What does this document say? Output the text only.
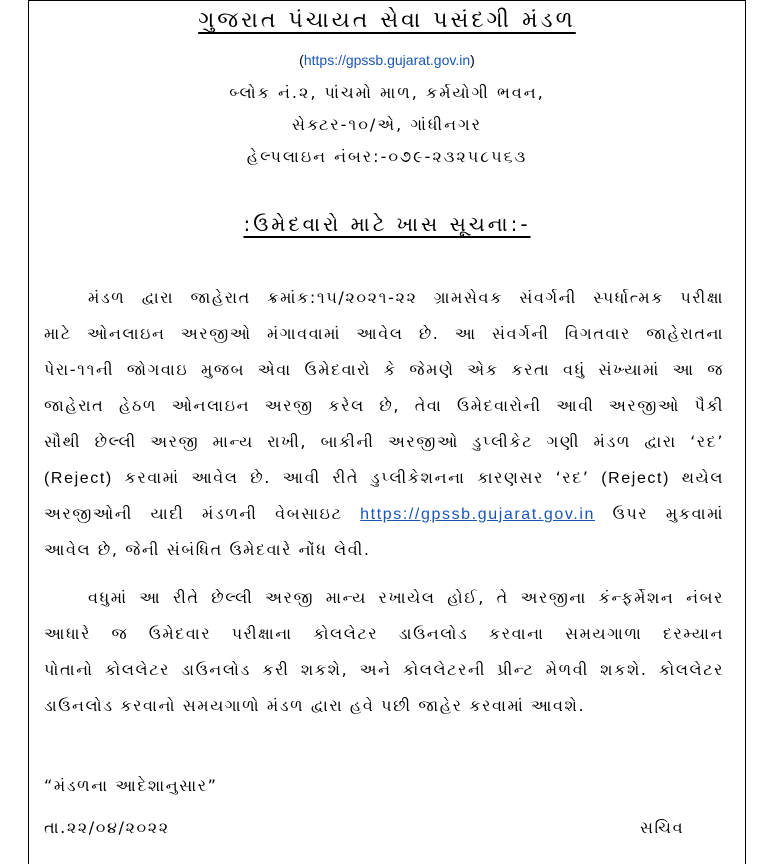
ગુજરાત પંચાયત સેવા પસંદગી મંડળ
(https://gpssb.gujarat.gov.in)
બ્લોક નં.૨, પાંચમો માળ, કર્મયોગી ભવન,
સેક્ટર-૧૦/એ, ગાંધીનગર
હેલ્પલાઇન નંબર:-૦૭૯-૨૩૨૫૮૫૬૩
:ઉમેદવારો માટે ખાસ સૂચના:-
મંડળ દ્વારા જાહેરાત ક્રમાંક:૧૫/૨૦૨૧-૨૨ ગ્રામસેવક સંવર્ગની સ્પર્ધાત્મક પરીક્ષા
માટે ઓનલાઇન અરજીઓ મંગાવવામાં આવેલ છે. આ સંવર્ગની વિગતવાર જાહેરાતના
પેરા-૧૧ની જોગવાઇ મુજબ એવા ઉમેદવારો કે જેમણે એક કરતા વધું સંખ્યામાં આ જ
જાહેરાત હેઠળ ઓનલાઇન અરજી કરેલ છે, તેવા ઉમેદવારોની આવી અરજીઓ પૈકી
સૌથી છેલ્લી અરજી માન્ય રાખી, બાકીની અરજીઓ ડુપ્લીકેટ ગણી મંડળ દ્વારા ‘રદ’
(Reject) કરવામાં આવેલ છે. આવી રીતે ડુપ્લીકેશનના કારણસર ‘રદ’ (Reject) થયેલ
અરજીઓની યાદી મંડળની વેબસાઇટ https://gpssb.gujarat.gov.in ઉપર મુકવામાં
આવેલ છે, જેની સંબંધિત ઉમેદવારે નોંધ લેવી.
વધુમાં આ રીતે છેલ્લી અરજી માન્ય રખાયેલ હોઈ, તે અરજીના કંન્ફર્મેશન નંબર
આધારે જ ઉમેદવાર પરીક્ષાના કોલલેટર ડાઉનલોડ કરવાના સમયગાળા દરમ્યાન
પોતાનો કોલલેટર ડાઉનલોડ કરી શકશે, અને કોલલેટરની પ્રીન્ટ મેળવી શકશે. કોલલેટર
ડાઉનલોડ કરવાનો સમયગાળો મંડળ દ્વારા હવે પછી જાહેર કરવામાં આવશે.
“મંડળના આદેશાનુસાર”
તા.૨૨/૦૪/૨૦૨૨	સચિવ
